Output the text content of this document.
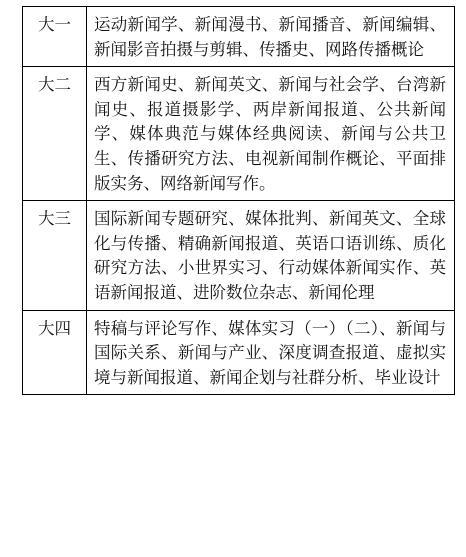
大一	运动新闻学、新闻漫书、新闻播音、新闻编辑、新闻影音拍摄与剪辑、传播史、网路传播概论
大二	西方新闻史、新闻英文、新闻与社会学、台湾新闻史、报道摄影学、两岸新闻报道、公共新闻学、媒体典范与媒体经典阅读、新闻与公共卫生、传播研究方法、电视新闻制作概论、平面排版实务、网络新闻写作。
大三	国际新闻专题研究、媒体批判、新闻英文、全球化与传播、精确新闻报道、英语口语训练、质化研究方法、小世界实习、行动媒体新闻实作、英语新闻报道、进阶数位杂志、新闻伦理
大四	特稿与评论写作、媒体实习（一）（二）、新闻与国际关系、新闻与产业、深度调查报道、虚拟实境与新闻报道、新闻企划与社群分析、毕业设计
